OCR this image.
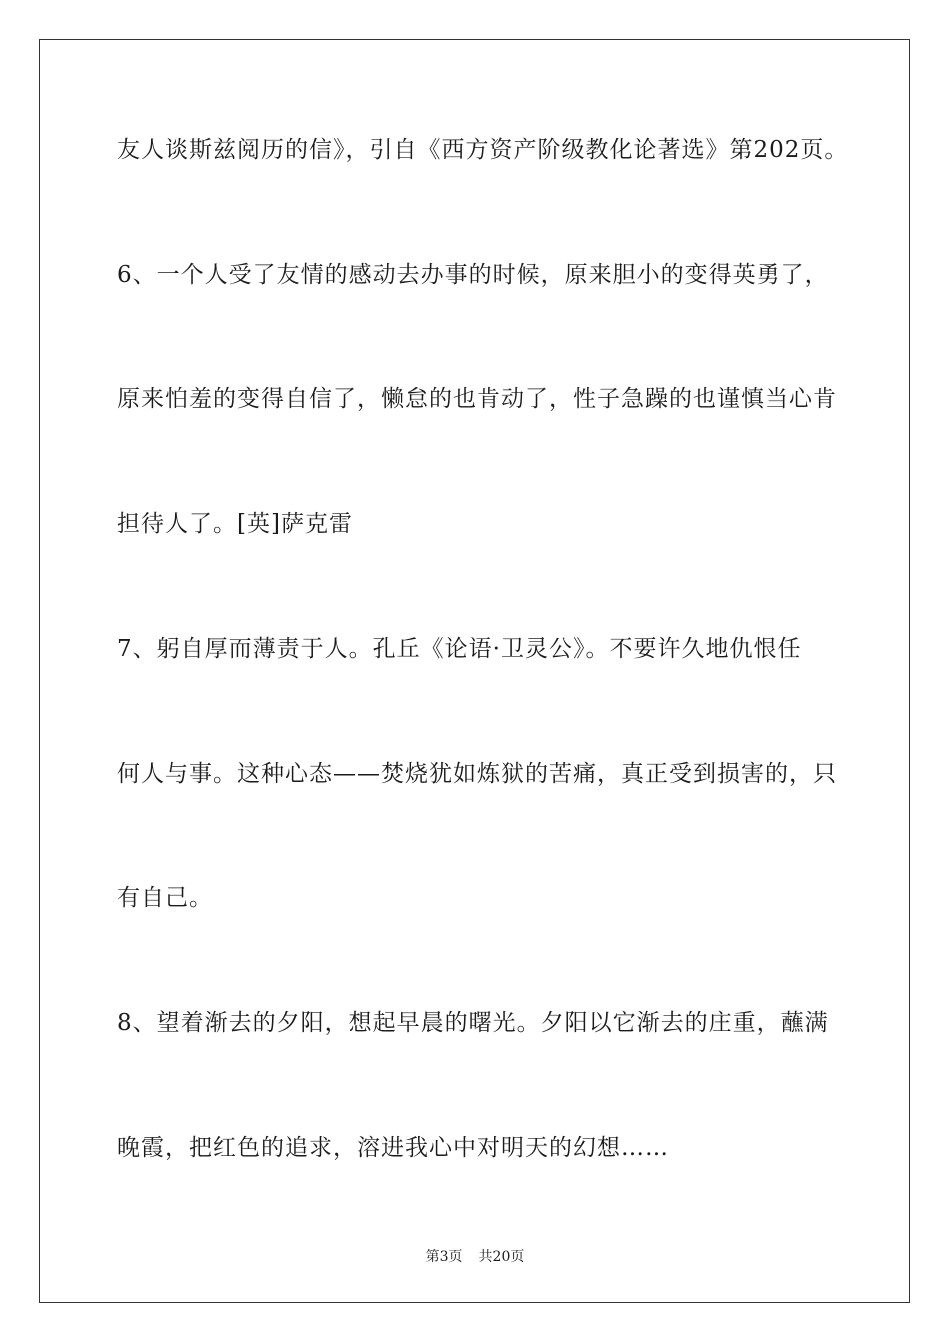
友人谈斯兹阅历的信》，引自《西方资产阶级教化论著选》第202页。
6、一个人受了友情的感动去办事的时候，原来胆小的变得英勇了，
原来怕羞的变得自信了，懒怠的也肯动了，性子急躁的也谨慎当心肯
担待人了。[英]萨克雷
7、躬自厚而薄责于人。孔丘《论语·卫灵公》。不要许久地仇恨任
何人与事。这种心态——焚烧犹如炼狱的苦痛，真正受到损害的，只
有自己。
8、望着渐去的夕阳，想起早晨的曙光。夕阳以它渐去的庄重，蘸满
晚霞，把红色的追求，溶进我心中对明天的幻想……
第3页 共20页
